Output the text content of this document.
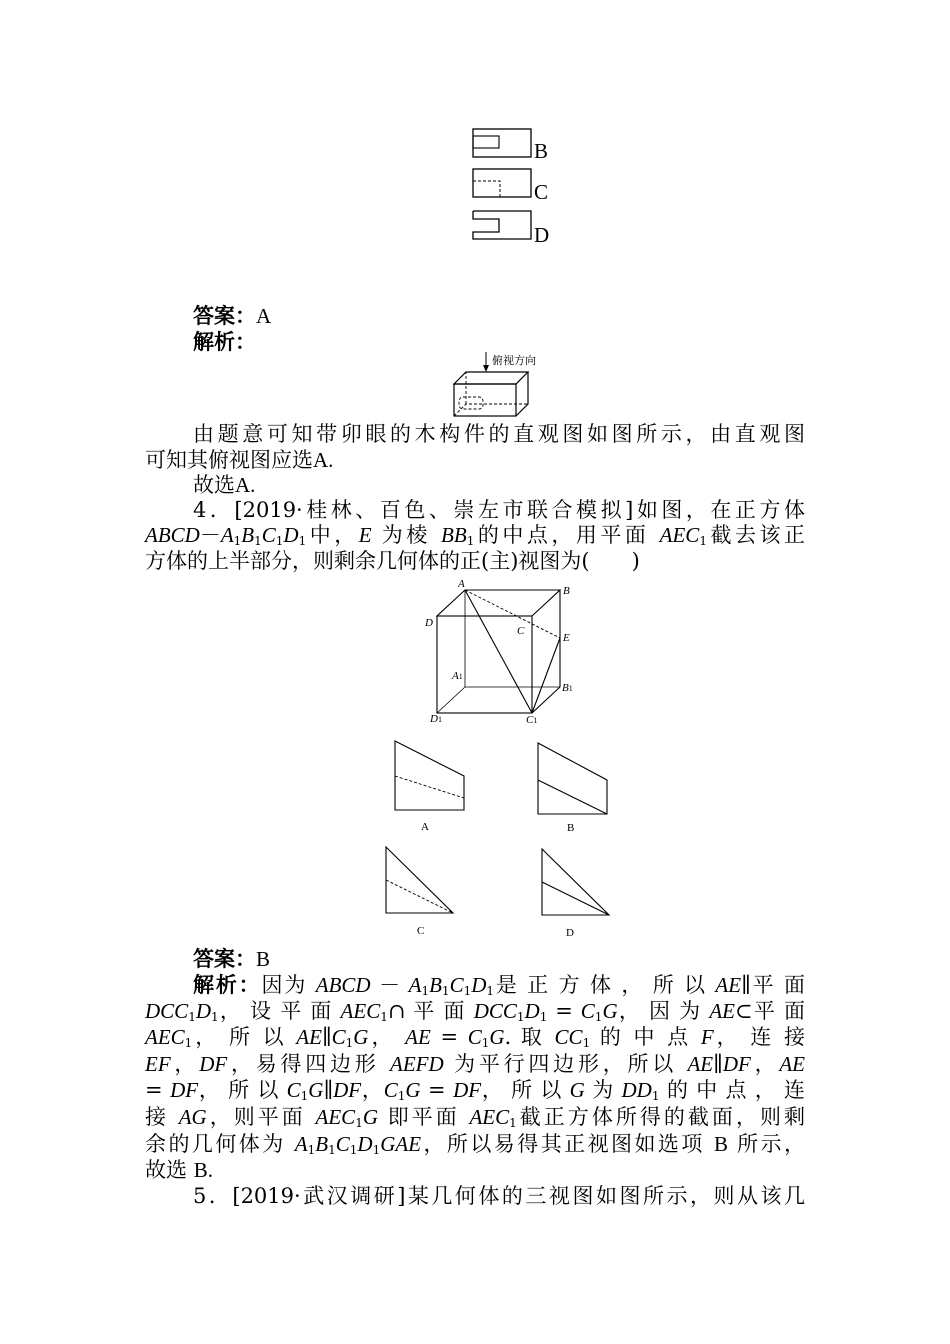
B
C
D
答案：A
解析：
俯视方向
由题意可知带卯眼的木构件的直观图如图所示，由直观图
可知其俯视图应选A.
故选A.
4．[2019·桂林、百色、崇左市联合模拟]如图，在正方体
$ABCD-A_1B_1C_1D_1$中，E 为棱 $BB_1$的中点，用平面 $AEC_1$截去该正
方体的上半部分，则剩余几何体的正(主)视图为(　　)
A
B
C
D
E
A1
B1
C1
D1
A	B
C	D
答案：B
解析：因为 ABCD － $A_1B_1C_1D_1$是 正 方 体 ， 所 以 AE∥平 面
$DCC_1D_1$， 设 平 面 $AEC_1\cap$ 平 面 $DCC_1D_1 = C_1G$， 因 为 AE⊂平 面
$AEC_1$， 所 以 $AE\parallel C_1G$， AE = $C_1G$. 取 $CC_1$ 的 中 点 F， 连 接
EF，DF，易得四边形 AEFD 为平行四边形，所以 AE∥DF，AE
= DF， 所 以 $C_1G\parallel DF$，$C_1G$ = DF， 所 以 G 为 $DD_1$ 的 中 点 ， 连
接 AG，则平面 $AEC_1G$ 即平面 $AEC_1$截正方体所得的截面，则剩
余的几何体为 $A_1B_1C_1D_1GAE$，所以易得其正视图如选项 B 所示，
故选 B.
5．[2019·武汉调研]某几何体的三视图如图所示，则从该几
